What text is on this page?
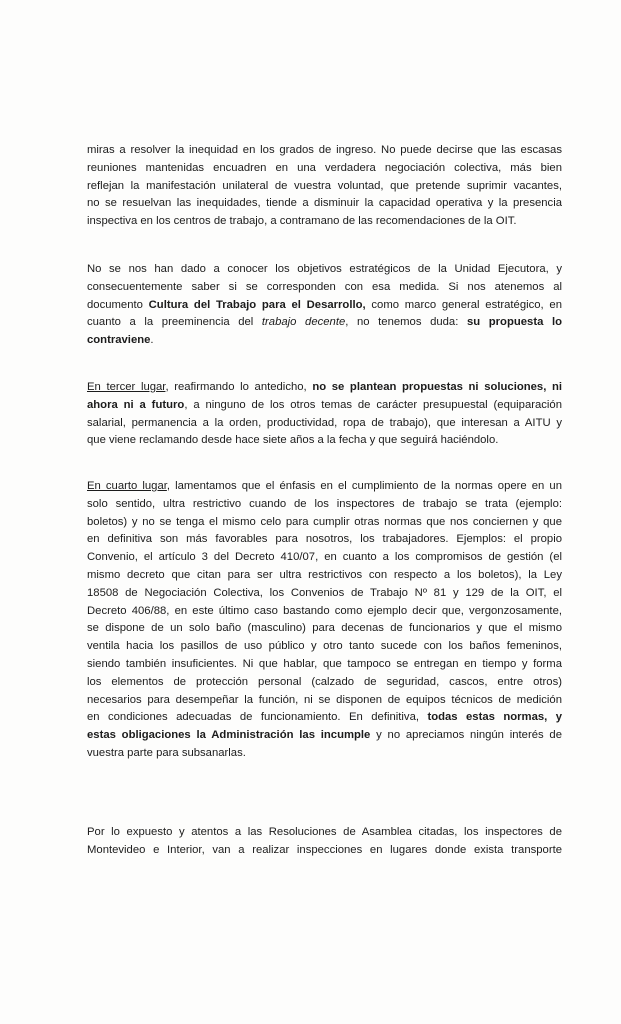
miras a resolver la inequidad en los grados de ingreso. No puede decirse que las escasas
reuniones mantenidas encuadren en una verdadera negociación colectiva, más bien
reflejan la manifestación unilateral de vuestra voluntad, que pretende suprimir vacantes,
no se resuelvan las inequidades, tiende a disminuir la capacidad operativa y la presencia
inspectiva en los centros de trabajo, a contramano de las recomendaciones de la OIT.
No se nos han dado a conocer los objetivos estratégicos de la Unidad Ejecutora, y
consecuentemente saber si se corresponden con esa medida. Si nos atenemos al
documento Cultura del Trabajo para el Desarrollo, como marco general estratégico, en
cuanto a la preeminencia del trabajo decente, no tenemos duda: su propuesta lo
contraviene.
En tercer lugar, reafirmando lo antedicho, no se plantean propuestas ni soluciones, ni
ahora ni a futuro, a ninguno de los otros temas de carácter presupuestal (equiparación
salarial, permanencia a la orden, productividad, ropa de trabajo), que interesan a AITU y
que viene reclamando desde hace siete años a la fecha y que seguirá haciéndolo.
En cuarto lugar, lamentamos que el énfasis en el cumplimiento de la normas opere en un
solo sentido, ultra restrictivo cuando de los inspectores de trabajo se trata (ejemplo:
boletos) y no se tenga el mismo celo para cumplir otras normas que nos conciernen y que
en definitiva son más favorables para nosotros, los trabajadores. Ejemplos: el propio
Convenio, el artículo 3 del Decreto 410/07, en cuanto a los compromisos de gestión (el
mismo decreto que citan para ser ultra restrictivos con respecto a los boletos), la Ley
18508 de Negociación Colectiva, los Convenios de Trabajo Nº 81 y 129 de la OIT, el
Decreto 406/88, en este último caso bastando como ejemplo decir que, vergonzosamente,
se dispone de un solo baño (masculino) para decenas de funcionarios y que el mismo
ventila hacia los pasillos de uso público y otro tanto sucede con los baños femeninos,
siendo también insuficientes. Ni que hablar, que tampoco se entregan en tiempo y forma
los elementos de protección personal (calzado de seguridad, cascos, entre otros)
necesarios para desempeñar la función, ni se disponen de equipos técnicos de medición
en condiciones adecuadas de funcionamiento. En definitiva, todas estas normas, y
estas obligaciones la Administración las incumple y no apreciamos ningún interés de
vuestra parte para subsanarlas.
Por lo expuesto y atentos a las Resoluciones de Asamblea citadas, los inspectores de
Montevideo e Interior, van a realizar inspecciones en lugares donde exista transporte
